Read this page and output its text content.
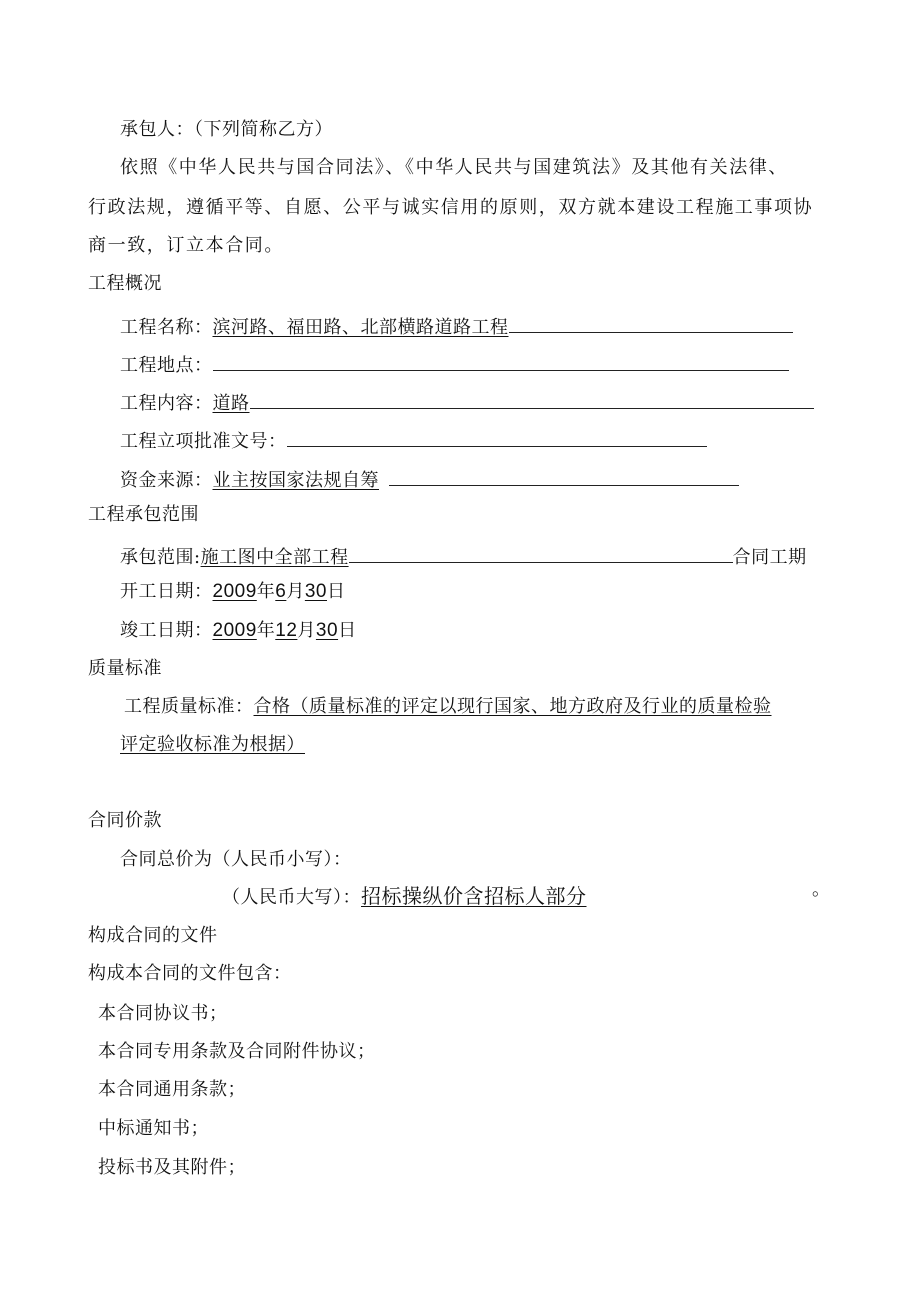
承包人：（下列简称乙方）
依照《中华人民共与国合同法》、《中华人民共与国建筑法》及其他有关法律、
行政法规，遵循平等、自愿、公平与诚实信用的原则，双方就本建设工程施工事项协
商一致，订立本合同。
工程概况
工程名称：滨河路、福田路、北部横路道路工程
工程地点：
工程内容：道路
工程立项批准文号：
资金来源：业主按国家法规自筹
工程承包范围
承包范围:施工图中全部工程	合同工期
开工日期：2009年6月30日
竣工日期：2009年12月30日
质量标准
工程质量标准：合格（质量标准的评定以现行国家、地方政府及行业的质量检验
评定验收标准为根据）
合同价款
合同总价为（人民币小写）：
（人民币大写）：招标操纵价含招标人部分	。
构成合同的文件
构成本合同的文件包含：
本合同协议书；
本合同专用条款及合同附件协议；
本合同通用条款；
中标通知书；
投标书及其附件；
